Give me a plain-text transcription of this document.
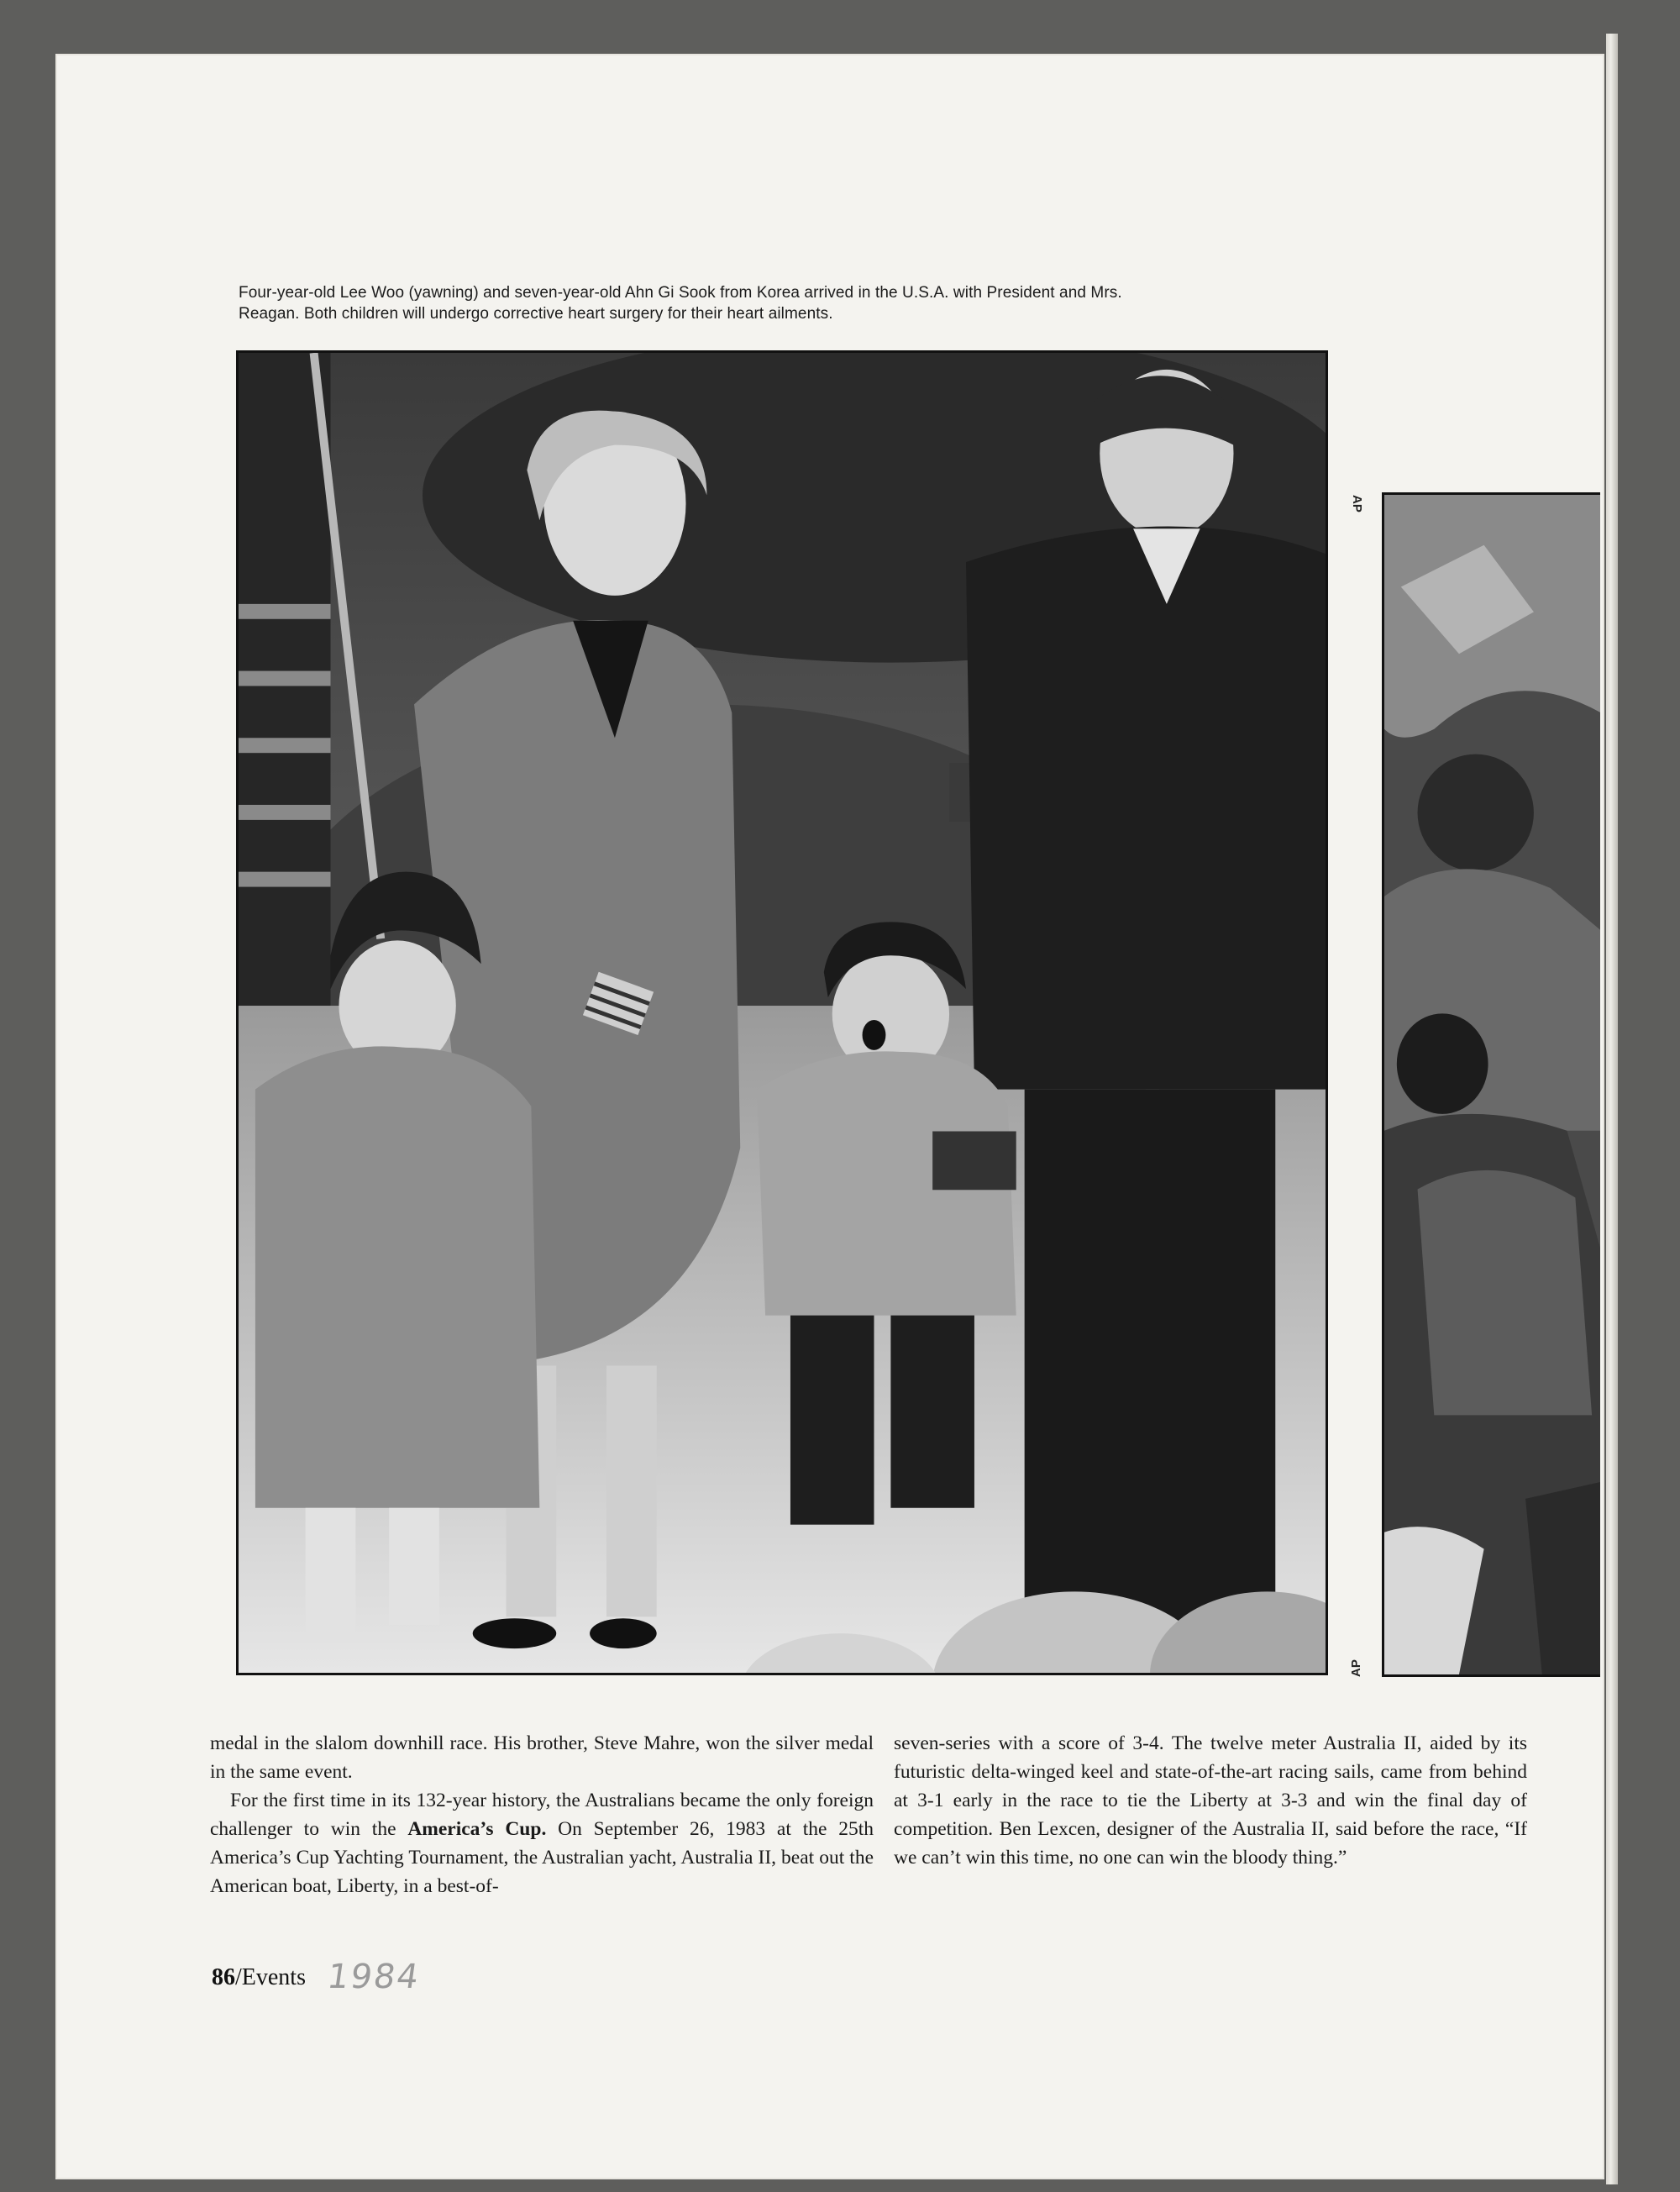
Four-year-old Lee Woo (yawning) and seven-year-old Ahn Gi Sook from Korea arrived in the U.S.A. with President and Mrs.
Reagan. Both children will undergo corrective heart surgery for their heart ailments.
AP
AP

medal in the slalom downhill race. His brother, Steve Mahre, won the silver medal in the same event.

For the first time in its 132-year history, the Australians became the only foreign challenger to win the America’s Cup. On September 26, 1983 at the 25th America’s Cup Yachting Tournament, the Australian yacht, Australia II, beat out the American boat, Liberty, in a best-of-

seven-series with a score of 3-4. The twelve meter Australia II, aided by its futuristic delta-winged keel and state-of-the-art racing sails, came from behind at 3-1 early in the race to tie the Liberty at 3-3 and win the final day of competition. Ben Lexcen, designer of the Australia II, said before the race, “If we can’t win this time, no one can win the bloody thing.”

86/Events 1984
